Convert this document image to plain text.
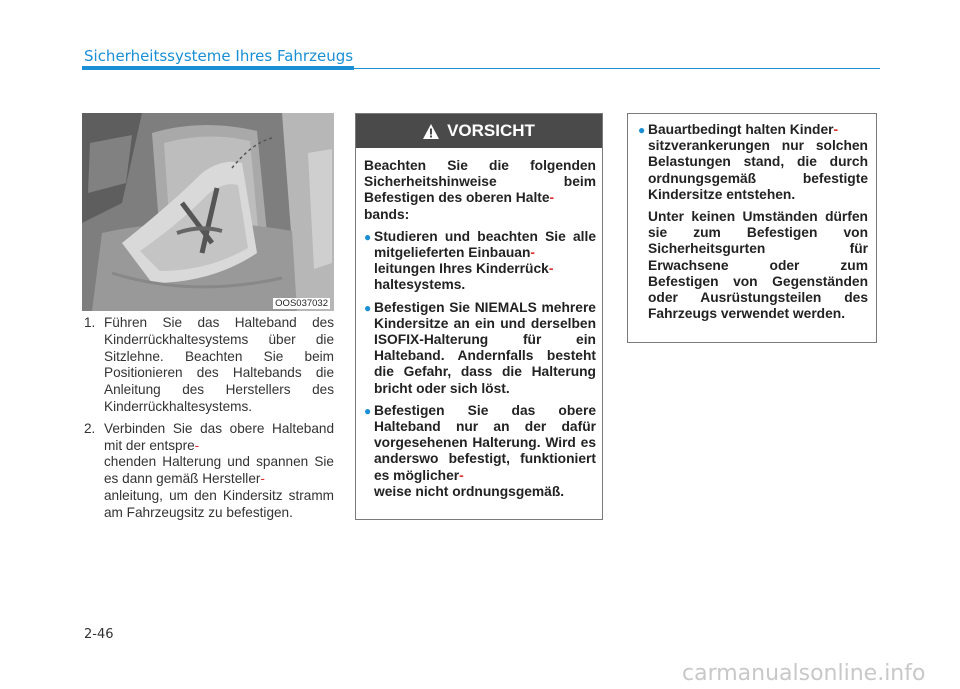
Sicherheitssysteme Ihres Fahrzeugs
OOS037032
1. Führen Sie das Halteband des Kinderrückhaltesystems über die Sitzlehne. Beachten Sie beim Positionieren des Haltebands die Anleitung des Herstellers des Kinderrückhaltesystems.
2. Verbinden Sie das obere Halteband mit der entspre-
chenden Halterung und spannen Sie es dann gemäß Hersteller-
anleitung, um den Kindersitz stramm am Fahrzeugsitz zu befestigen.
VORSICHT
Beachten Sie die folgenden Sicherheitshinweise beim Befestigen des oberen Halte-
bands:
● Studieren und beachten Sie alle mitgelieferten Einbauan-
leitungen Ihres Kinderrück-
haltesystems.
● Befestigen Sie NIEMALS mehrere Kindersitze an ein und derselben ISOFIX-Halterung für ein Halteband. Andernfalls besteht die Gefahr, dass die Halterung bricht oder sich löst.
● Befestigen Sie das obere Halteband nur an der dafür vorgesehenen Halterung. Wird es anderswo befestigt, funktioniert es möglicher-
weise nicht ordnungsgemäß.
● Bauartbedingt halten Kinder-
sitzverankerungen nur solchen Belastungen stand, die durch ordnungsgemäß befestigte Kindersitze entstehen.
Unter keinen Umständen dürfen sie zum Befestigen von Sicherheitsgurten für Erwachsene oder zum Befestigen von Gegenständen oder Ausrüstungsteilen des Fahrzeugs verwendet werden.
2-46
carmanualsonline.info
